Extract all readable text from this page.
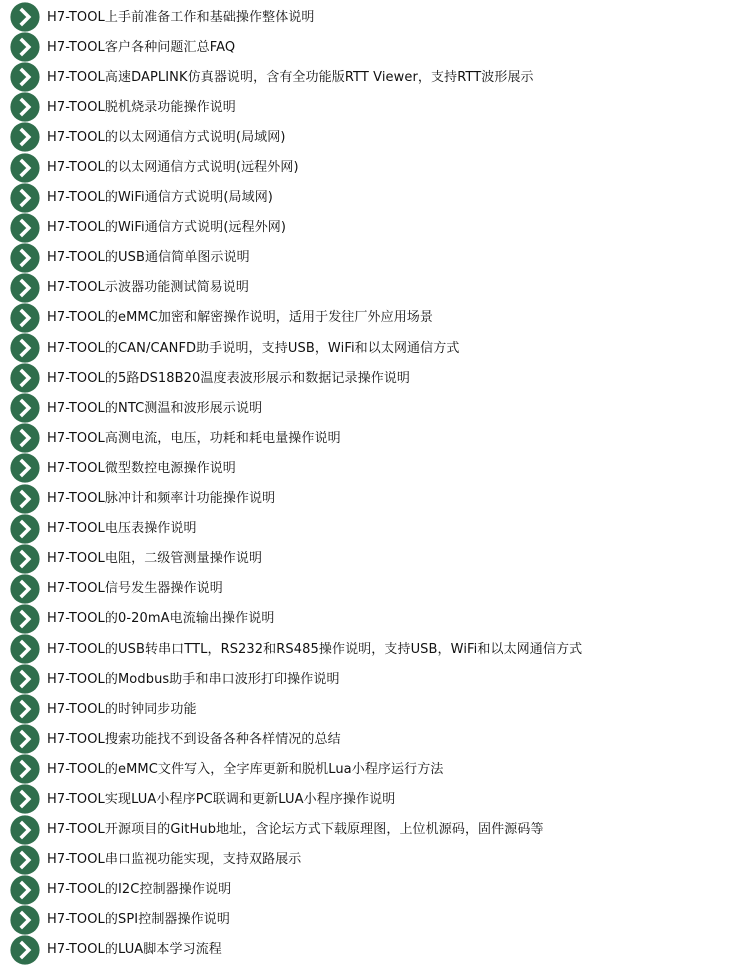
H7-TOOL上手前准备工作和基础操作整体说明
H7-TOOL客户各种问题汇总FAQ
H7-TOOL高速DAPLINK仿真器说明，含有全功能版RTT Viewer，支持RTT波形展示
H7-TOOL脱机烧录功能操作说明
H7-TOOL的以太网通信方式说明(局域网)
H7-TOOL的以太网通信方式说明(远程外网)
H7-TOOL的WiFi通信方式说明(局域网)
H7-TOOL的WiFi通信方式说明(远程外网)
H7-TOOL的USB通信简单图示说明
H7-TOOL示波器功能测试简易说明
H7-TOOL的eMMC加密和解密操作说明，适用于发往厂外应用场景
H7-TOOL的CAN/CANFD助手说明，支持USB，WiFi和以太网通信方式
H7-TOOL的5路DS18B20温度表波形展示和数据记录操作说明
H7-TOOL的NTC测温和波形展示说明
H7-TOOL高测电流，电压，功耗和耗电量操作说明
H7-TOOL微型数控电源操作说明
H7-TOOL脉冲计和频率计功能操作说明
H7-TOOL电压表操作说明
H7-TOOL电阻，二级管测量操作说明
H7-TOOL信号发生器操作说明
H7-TOOL的0-20mA电流输出操作说明
H7-TOOL的USB转串口TTL，RS232和RS485操作说明，支持USB，WiFi和以太网通信方式
H7-TOOL的Modbus助手和串口波形打印操作说明
H7-TOOL的时钟同步功能
H7-TOOL搜索功能找不到设备各种各样情况的总结
H7-TOOL的eMMC文件写入，全字库更新和脱机Lua小程序运行方法
H7-TOOL实现LUA小程序PC联调和更新LUA小程序操作说明
H7-TOOL开源项目的GitHub地址，含论坛方式下载原理图，上位机源码，固件源码等
H7-TOOL串口监视功能实现，支持双路展示
H7-TOOL的I2C控制器操作说明
H7-TOOL的SPI控制器操作说明
H7-TOOL的LUA脚本学习流程
